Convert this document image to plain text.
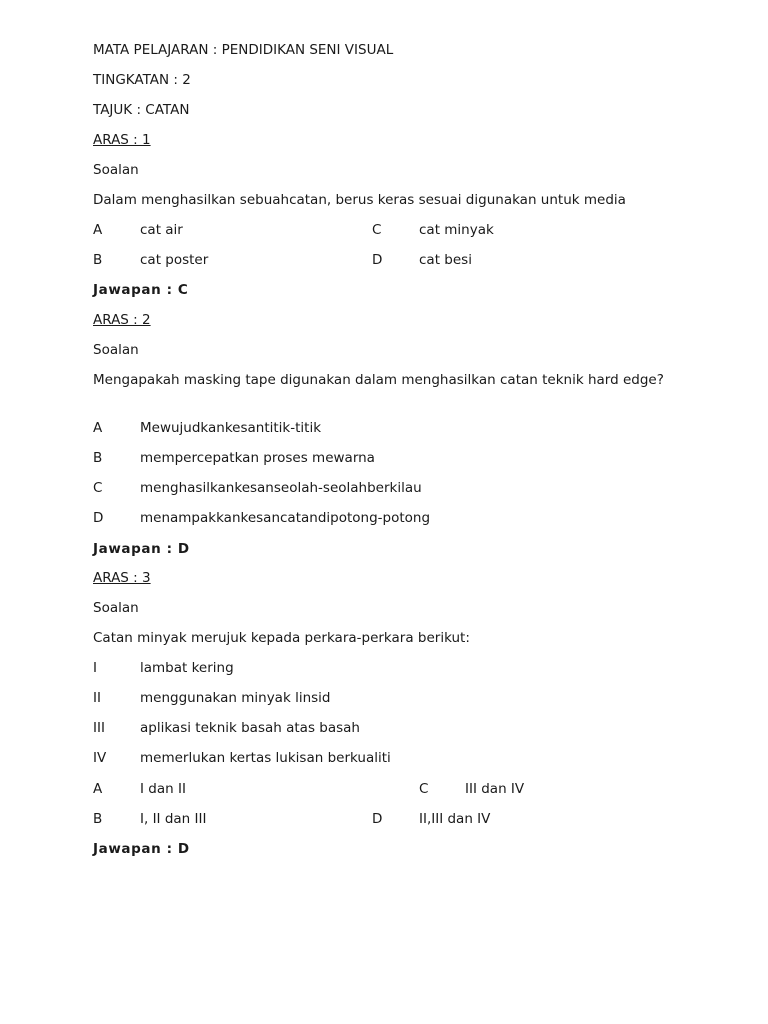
MATA PELAJARAN : PENDIDIKAN SENI VISUAL
TINGKATAN : 2
TAJUK : CATAN
ARAS : 1
Soalan
Dalam menghasilkan sebuahcatan, berus keras sesuai digunakan untuk media
A	cat air	C	cat minyak
B	cat poster	D	cat besi
Jawapan : C
ARAS : 2
Soalan
Mengapakah masking tape digunakan dalam menghasilkan catan teknik hard edge?
A	Mewujudkankesantitik-titik
B	mempercepatkan proses mewarna
C	menghasilkankesanseolah-seolahberkilau
D	menampakkankesancatandipotong-potong
Jawapan : D
ARAS : 3
Soalan
Catan minyak merujuk kepada perkara-perkara berikut:
I	lambat kering
II	menggunakan minyak linsid
III	aplikasi teknik basah atas basah
IV	memerlukan kertas lukisan berkualiti
A	I dan II	C	III dan IV
B	I, II dan III	D	II,III dan IV
Jawapan : D
